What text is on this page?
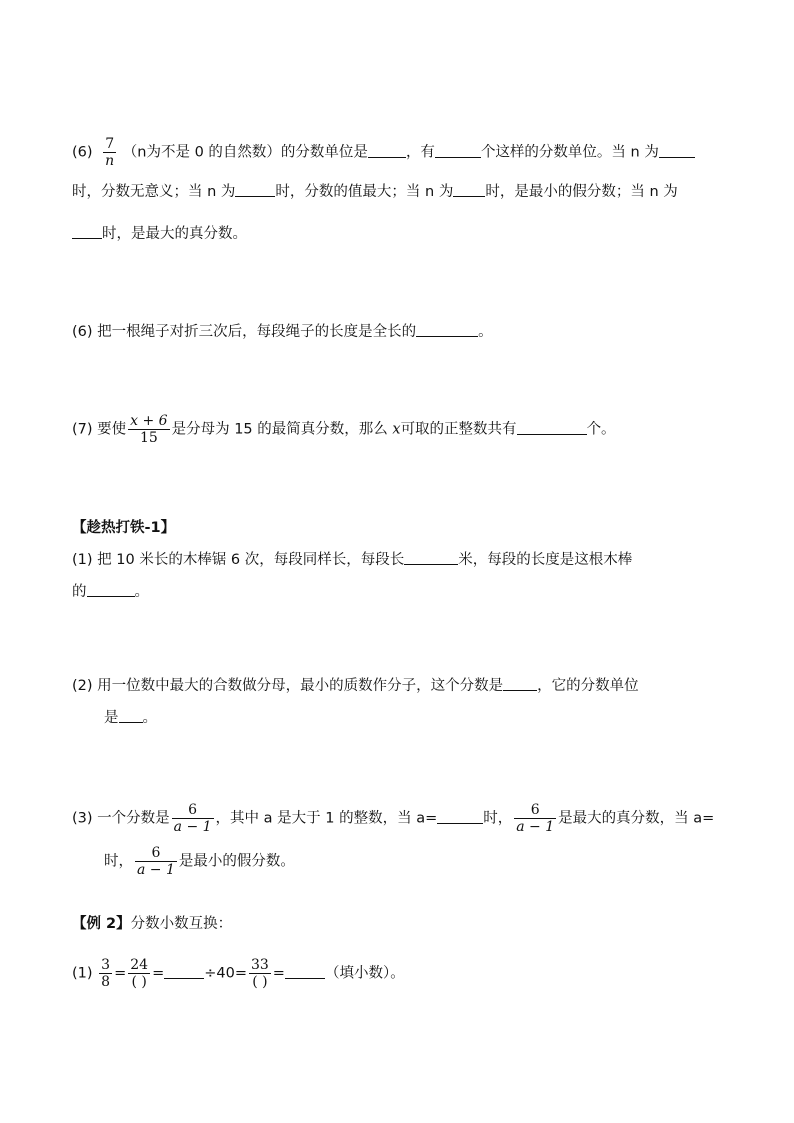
$(6) \frac{7}{n} (n$为不是 0 的自然数）的分数单位是	，有	个这样的分数单位。当 n 为
时，分数无意义；当 n 为	时，分数的值最大；当 n 为 时，是最小的假分数；当 n 为
时，是最大的真分数。
(6) 把一根绳子对折三次后，每段绳子的长度是全长的	。
(7) 要使 $\frac{x + 6}{15}$ 是分母为 15 的最简真分数，那么 x可取的正整数共有	个。
【趁热打铁-1】
(1) 把 10 米长的木棒锯 6 次，每段同样长，每段长	米，每段的长度是这根木棒
的	。
(2) 用一位数中最大的合数做分母，最小的质数作分子，这个分数是 ，它的分数单位
是 。
(3) 一个分数是 $\frac{6}{a - 1}$ ，其中 a 是大于 1 的整数，当 a=	时， $\frac{6}{a - 1}$ 是最大的真分数，当 a=
时， $\frac{6}{a - 1}$ 是最小的假分数。
【例 2】分数小数互换：
$(1) \frac{3}{8} = \frac{24}{( )}$ =	$\div 40= \frac{33}{( )}$ =	（填小数）。
